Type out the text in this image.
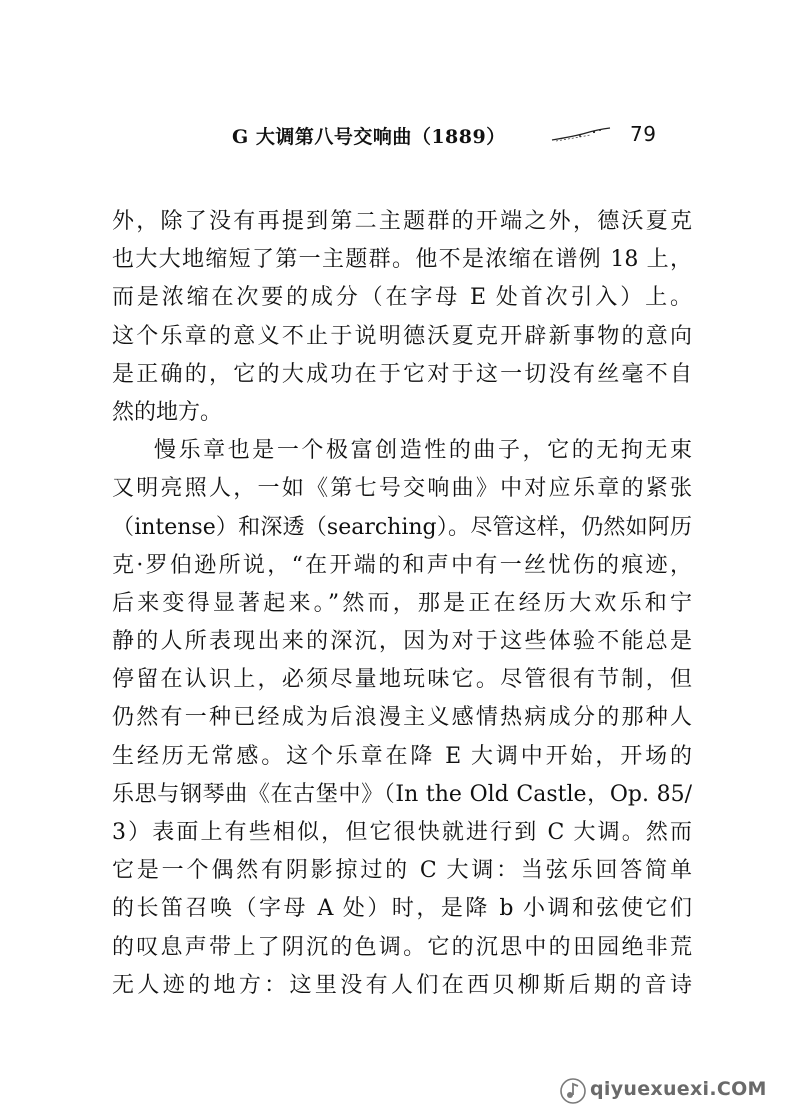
G 大调第八号交响曲（1889）	79
外，除了没有再提到第二主题群的开端之外，德沃夏克
也大大地缩短了第一主题群。他不是浓缩在谱例 18 上，
而是浓缩在次要的成分（在字母 E 处首次引入）上。
这个乐章的意义不止于说明德沃夏克开辟新事物的意向
是正确的，它的大成功在于它对于这一切没有丝毫不自
然的地方。
慢乐章也是一个极富创造性的曲子，它的无拘无束
又明亮照人，一如《第七号交响曲》中对应乐章的紧张
（intense）和深透（searching）。尽管这样，仍然如阿历
克·罗伯逊所说，“在开端的和声中有一丝忧伤的痕迹，
后来变得显著起来。”然而，那是正在经历大欢乐和宁
静的人所表现出来的深沉，因为对于这些体验不能总是
停留在认识上，必须尽量地玩味它。尽管很有节制，但
仍然有一种已经成为后浪漫主义感情热病成分的那种人
生经历无常感。这个乐章在降 E 大调中开始，开场的
乐思与钢琴曲《在古堡中》（In the Old Castle，Op. 85/
3）表面上有些相似，但它很快就进行到 C 大调。然而
它是一个偶然有阴影掠过的 C 大调：当弦乐回答简单
的长笛召唤（字母 A 处）时，是降 b 小调和弦使它们
的叹息声带上了阴沉的色调。它的沉思中的田园绝非荒
无人迹的地方：这里没有人们在西贝柳斯后期的音诗
qiyuexuexi.COM
